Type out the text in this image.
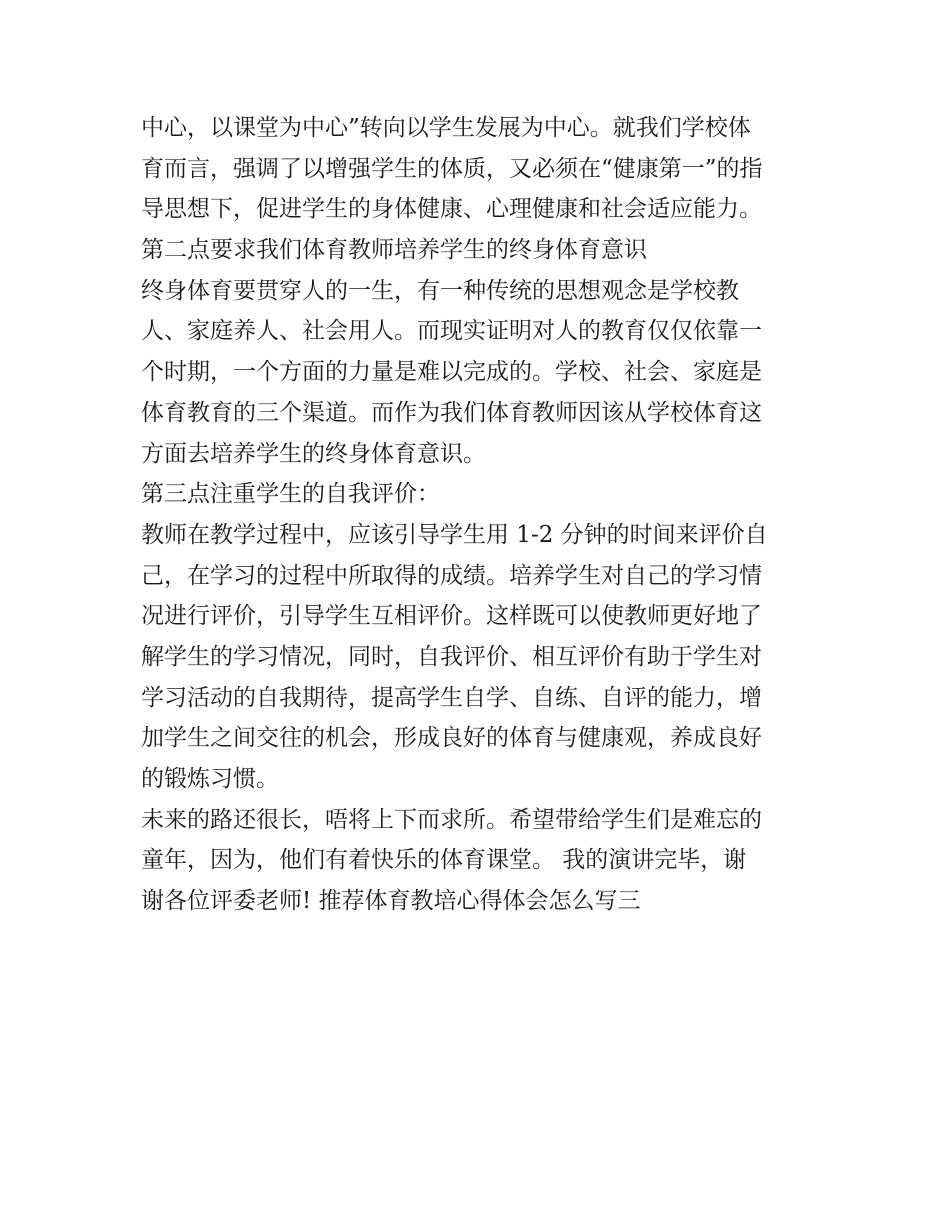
中心，以课堂为中心”转向以学生发展为中心。就我们学校体
育而言，强调了以增强学生的体质，又必须在“健康第一”的指
导思想下，促进学生的身体健康、心理健康和社会适应能力。
第二点要求我们体育教师培养学生的终身体育意识
终身体育要贯穿人的一生，有一种传统的思想观念是学校教
人、家庭养人、社会用人。而现实证明对人的教育仅仅依靠一
个时期，一个方面的力量是难以完成的。学校、社会、家庭是
体育教育的三个渠道。而作为我们体育教师因该从学校体育这
方面去培养学生的终身体育意识。
第三点注重学生的自我评价：
教师在教学过程中，应该引导学生用 1-2 分钟的时间来评价自
己，在学习的过程中所取得的成绩。培养学生对自己的学习情
况进行评价，引导学生互相评价。这样既可以使教师更好地了
解学生的学习情况，同时，自我评价、相互评价有助于学生对
学习活动的自我期待，提高学生自学、自练、自评的能力，增
加学生之间交往的机会，形成良好的体育与健康观，养成良好
的锻炼习惯。
未来的路还很长，唔将上下而求所。希望带给学生们是难忘的
童年，因为，他们有着快乐的体育课堂。 我的演讲完毕，谢
谢各位评委老师! 推荐体育教培心得体会怎么写三
